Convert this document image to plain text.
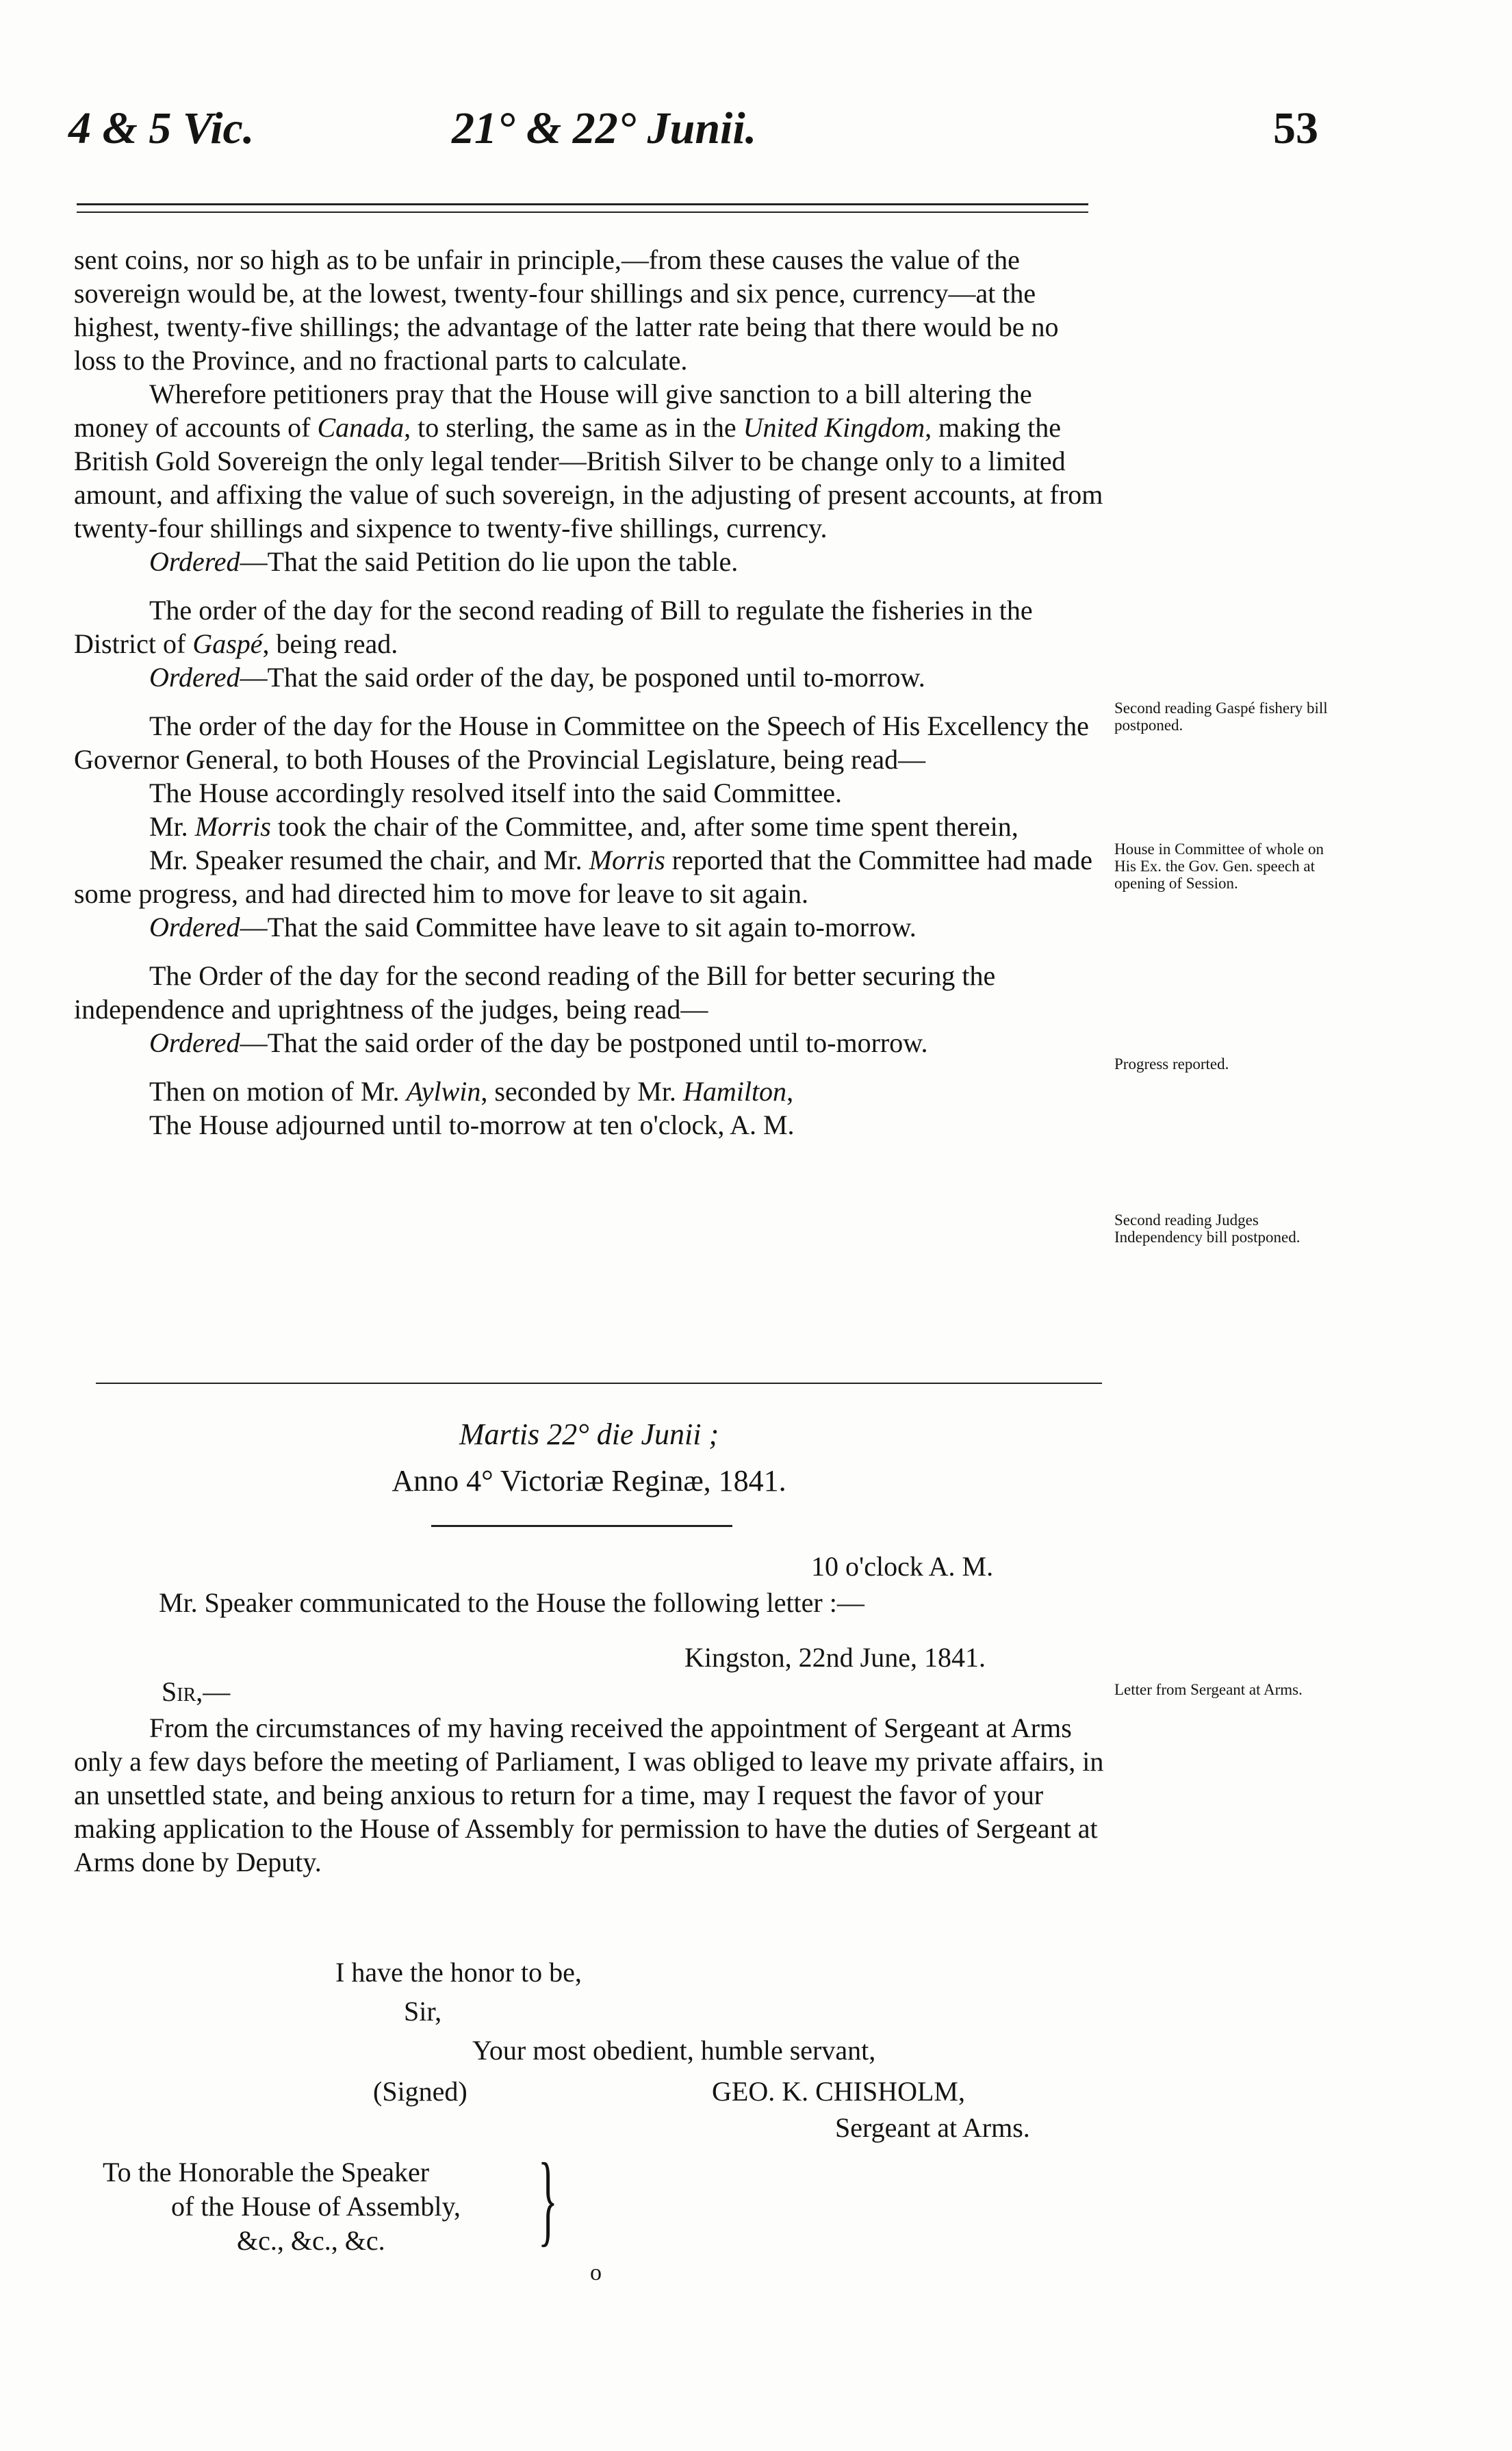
4 & 5 Vic.	21° & 22° Junii.	53

sent coins, nor so high as to be unfair in principle,—from these causes the value of the sovereign would be, at the lowest, twenty-four shillings and six pence, currency—at the highest, twenty-five shillings; the advantage of the latter rate being that there would be no loss to the Province, and no fractional parts to calculate.

Wherefore petitioners pray that the House will give sanction to a bill altering the money of accounts of Canada, to sterling, the same as in the United Kingdom, making the British Gold Sovereign the only legal tender—British Silver to be change only to a limited amount, and affixing the value of such sovereign, in the adjusting of present accounts, at from twenty-four shillings and sixpence to twenty-five shillings, currency.

Ordered—That the said Petition do lie upon the table.

The order of the day for the second reading of Bill to regulate the fisheries in the District of Gaspé, being read.

Ordered—That the said order of the day, be posponed until to-morrow.

The order of the day for the House in Committee on the Speech of His Excellency the Governor General, to both Houses of the Provincial Legislature, being read—

The House accordingly resolved itself into the said Committee.

Mr. Morris took the chair of the Committee, and, after some time spent therein,

Mr. Speaker resumed the chair, and Mr. Morris reported that the Committee had made some progress, and had directed him to move for leave to sit again.

Ordered—That the said Committee have leave to sit again to-morrow.

The Order of the day for the second reading of the Bill for better securing the independence and uprightness of the judges, being read—

Ordered—That the said order of the day be postponed until to-morrow.

Then on motion of Mr. Aylwin, seconded by Mr. Hamilton,

The House adjourned until to-morrow at ten o'clock, A. M.

Martis 22° die Junii ;
Anno 4° Victoriæ Reginæ, 1841.
10 o'clock A. M.
Mr. Speaker communicated to the House the following letter :—
Kingston, 22nd June, 1841.
Sir,—

From the circumstances of my having received the appointment of Sergeant at Arms only a few days before the meeting of Parliament, I was obliged to leave my private affairs, in an unsettled state, and being anxious to return for a time, may I request the favor of your making application to the House of Assembly for permission to have the duties of Sergeant at Arms done by Deputy.

I have the honor to be,
Sir,
Your most obedient, humble servant,
(Signed)	GEO. K. CHISHOLM,
Sergeant at Arms.
To the Honorable the Speaker
of the House of Assembly,
&c., &c., &c. }
o
Second reading Gaspé fishery bill postponed.
House in Committee of whole on His Ex. the Gov. Gen. speech at opening of Session.
Progress reported.
Second reading Judges Independency bill postponed.
Letter from Sergeant at Arms.
